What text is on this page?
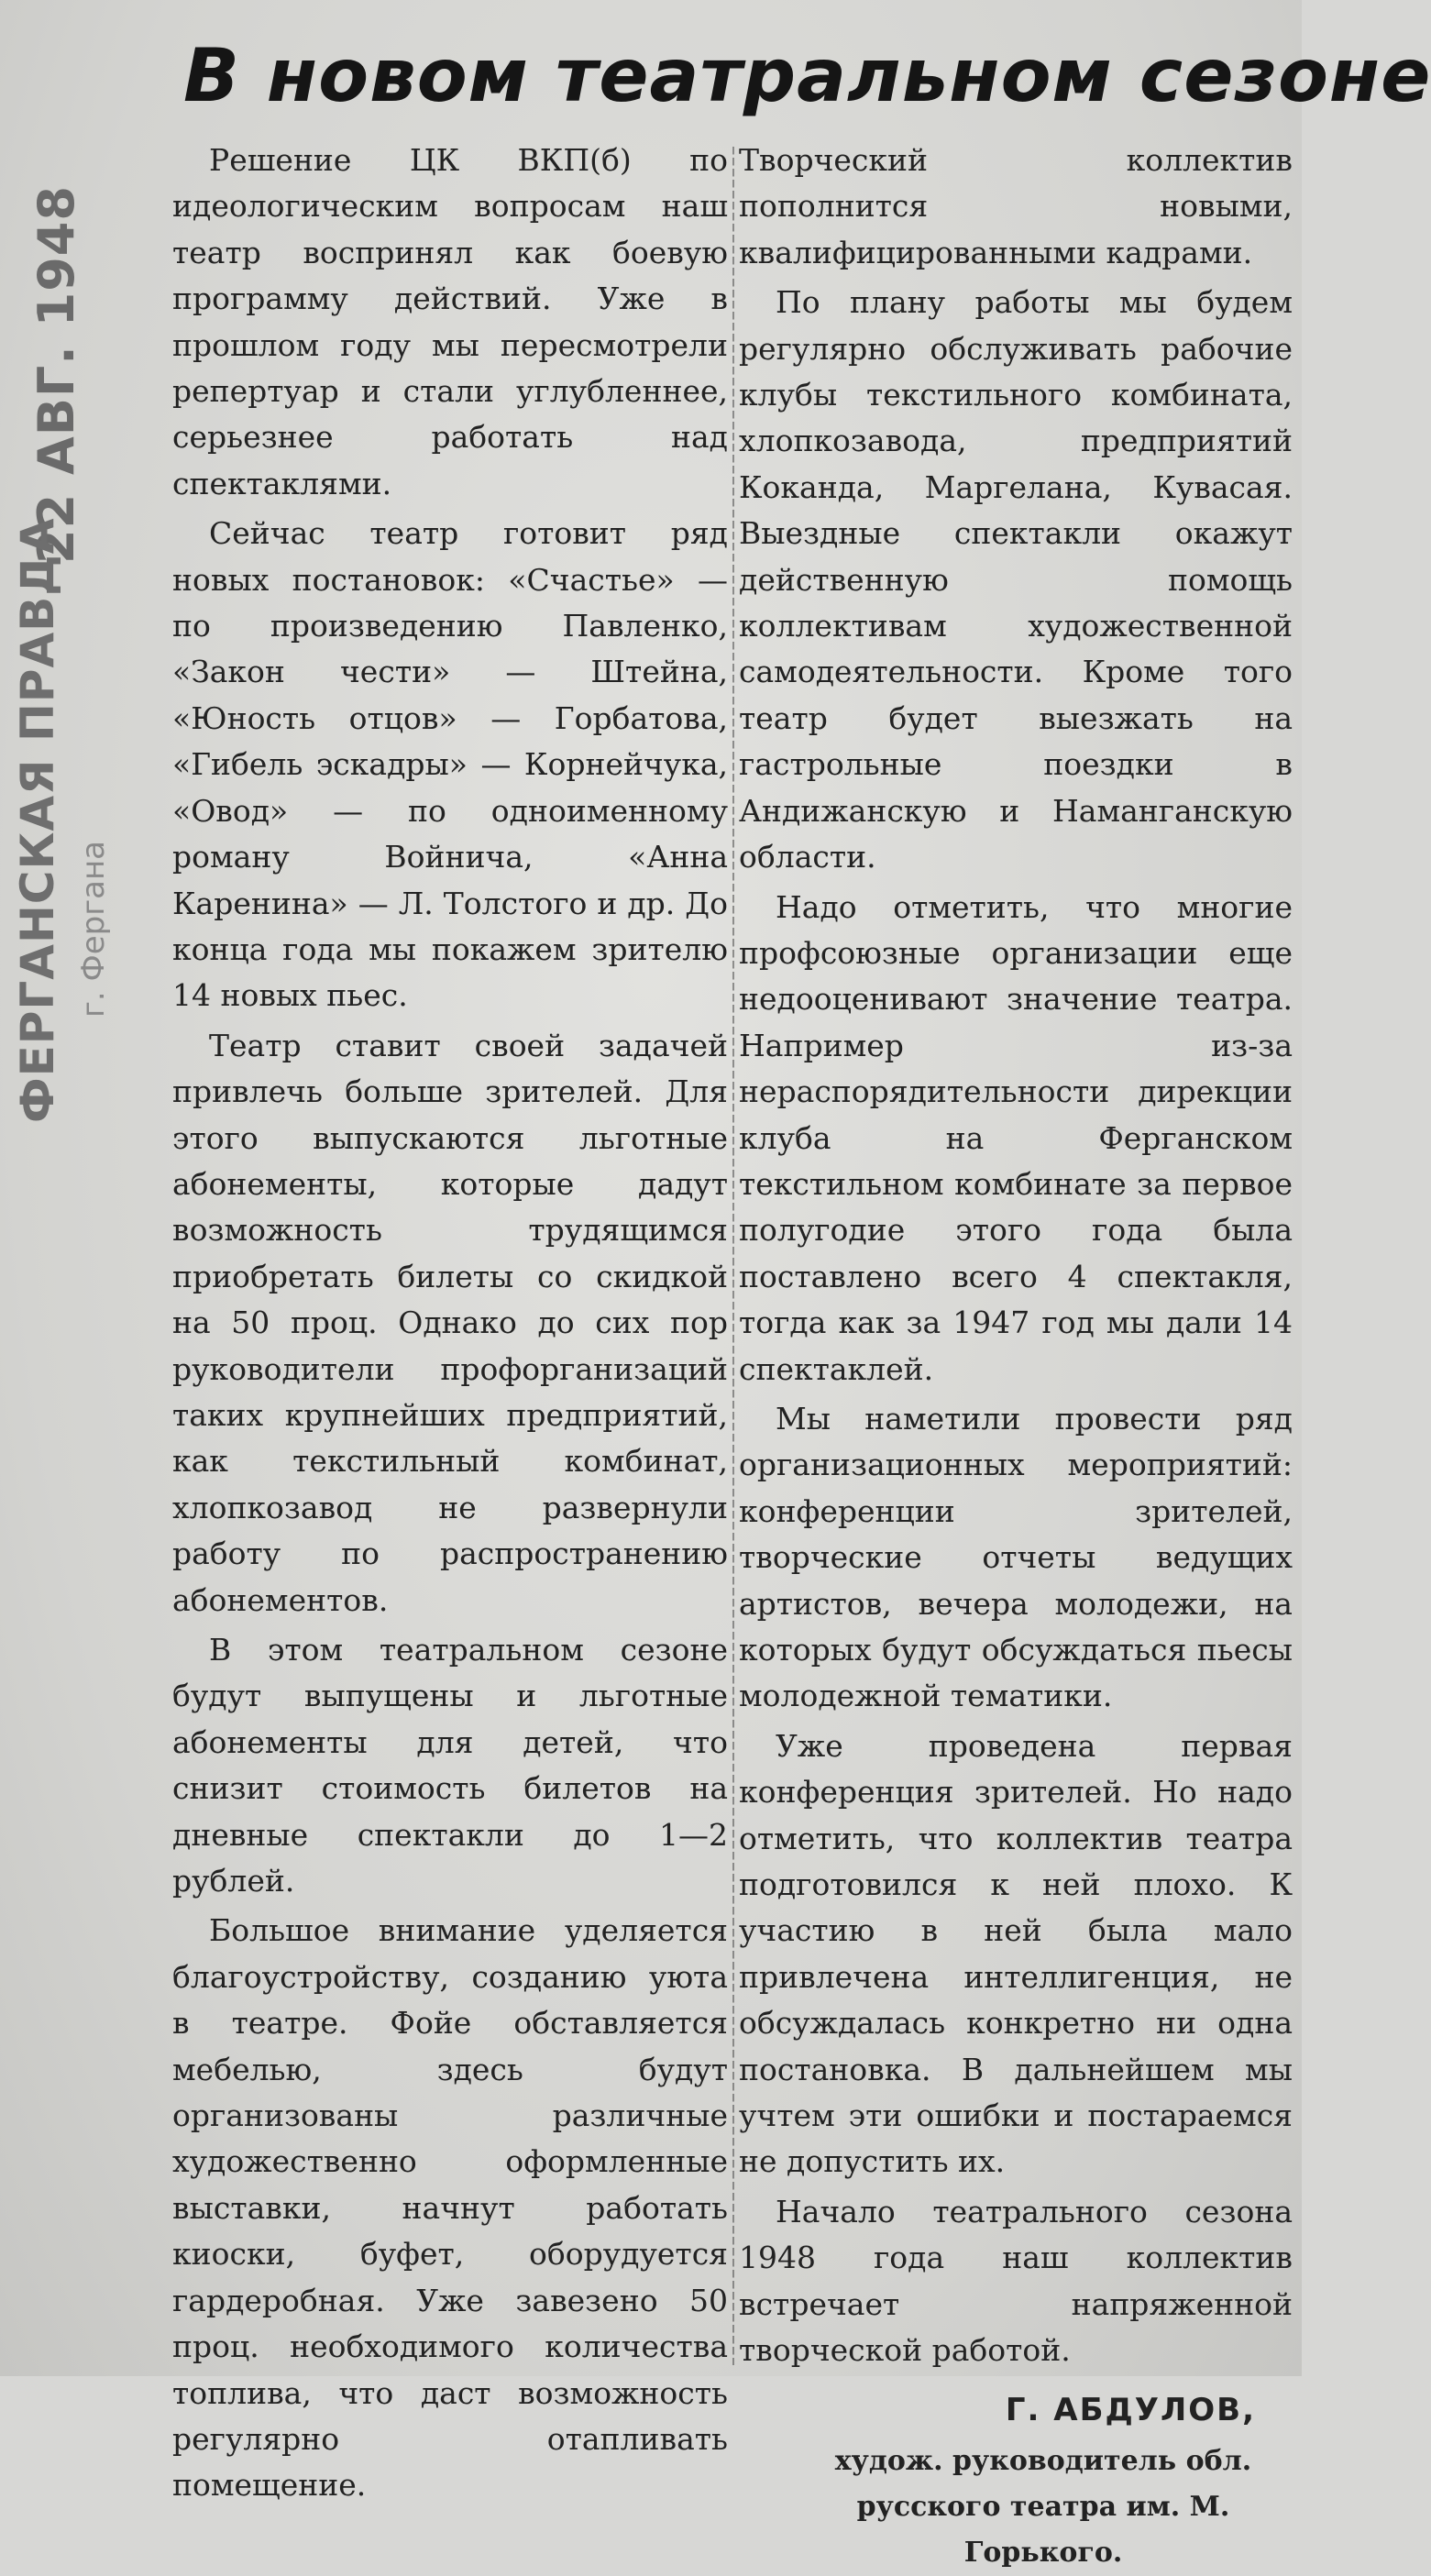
22 АВГ. 1948
ФЕРГАНСКАЯ ПРАВДА г. Фергана
В новом театральном сезоне

Решение ЦК ВКП(б) по идеологическим вопросам наш театр воспринял как боевую программу действий. Уже в прошлом году мы пересмотрели репертуар и стали углубленнее, серьезнее работать над спектаклями.

Сейчас театр готовит ряд новых постановок: «Счастье» — по произведению Павленко, «Закон чести» — Штейна, «Юность отцов» — Горбатова, «Гибель эскадры» — Корнейчука, «Овод» — по одноименному роману Войнича, «Анна Каренина» — Л. Толстого и др. До конца года мы покажем зрителю 14 новых пьес.

Театр ставит своей задачей привлечь больше зрителей. Для этого выпускаются льготные абонементы, которые дадут возможность трудящимся приобретать билеты со скидкой на 50 проц. Однако до сих пор руководители профорганизаций таких крупнейших предприятий, как текстильный комбинат, хлопкозавод не развернули работу по распространению абонементов.

В этом театральном сезоне будут выпущены и льготные абонементы для детей, что снизит стоимость билетов на дневные спектакли до 1—2 рублей.

Большое внимание уделяется благоустройству, созданию уюта в театре. Фойе обставляется мебелью, здесь будут организованы различные художественно оформленные выставки, начнут работать киоски, буфет, оборудуется гардеробная. Уже завезено 50 проц. необходимого количества топлива, что даст возможность регулярно отапливать помещение.

Творческий коллектив пополнится новыми, квалифицированными кадрами.

По плану работы мы будем регулярно обслуживать рабочие клубы текстильного комбината, хлопкозавода, предприятий Коканда, Маргелана, Кувасая. Выездные спектакли окажут действенную помощь коллективам художественной самодеятельности. Кроме того театр будет выезжать на гастрольные поездки в Андижанскую и Наманганскую области.

Надо отметить, что многие профсоюзные организации еще недооценивают значение театра. Например из-за нераспорядительности дирекции клуба на Ферганском текстильном комбинате за первое полугодие этого года была поставлено всего 4 спектакля, тогда как за 1947 год мы дали 14 спектаклей.

Мы наметили провести ряд организационных мероприятий: конференции зрителей, творческие отчеты ведущих артистов, вечера молодежи, на которых будут обсуждаться пьесы молодежной тематики.

Уже проведена первая конференция зрителей. Но надо отметить, что коллектив театра подготовился к ней плохо. К участию в ней была мало привлечена интеллигенция, не обсуждалась конкретно ни одна постановка. В дальнейшем мы учтем эти ошибки и постараемся не допустить их.

Начало театрального сезона 1948 года наш коллектив встречает напряженной творческой работой.

Г. АБДУЛОВ,
худож. руководитель обл. русского театра им. М. Горького.
